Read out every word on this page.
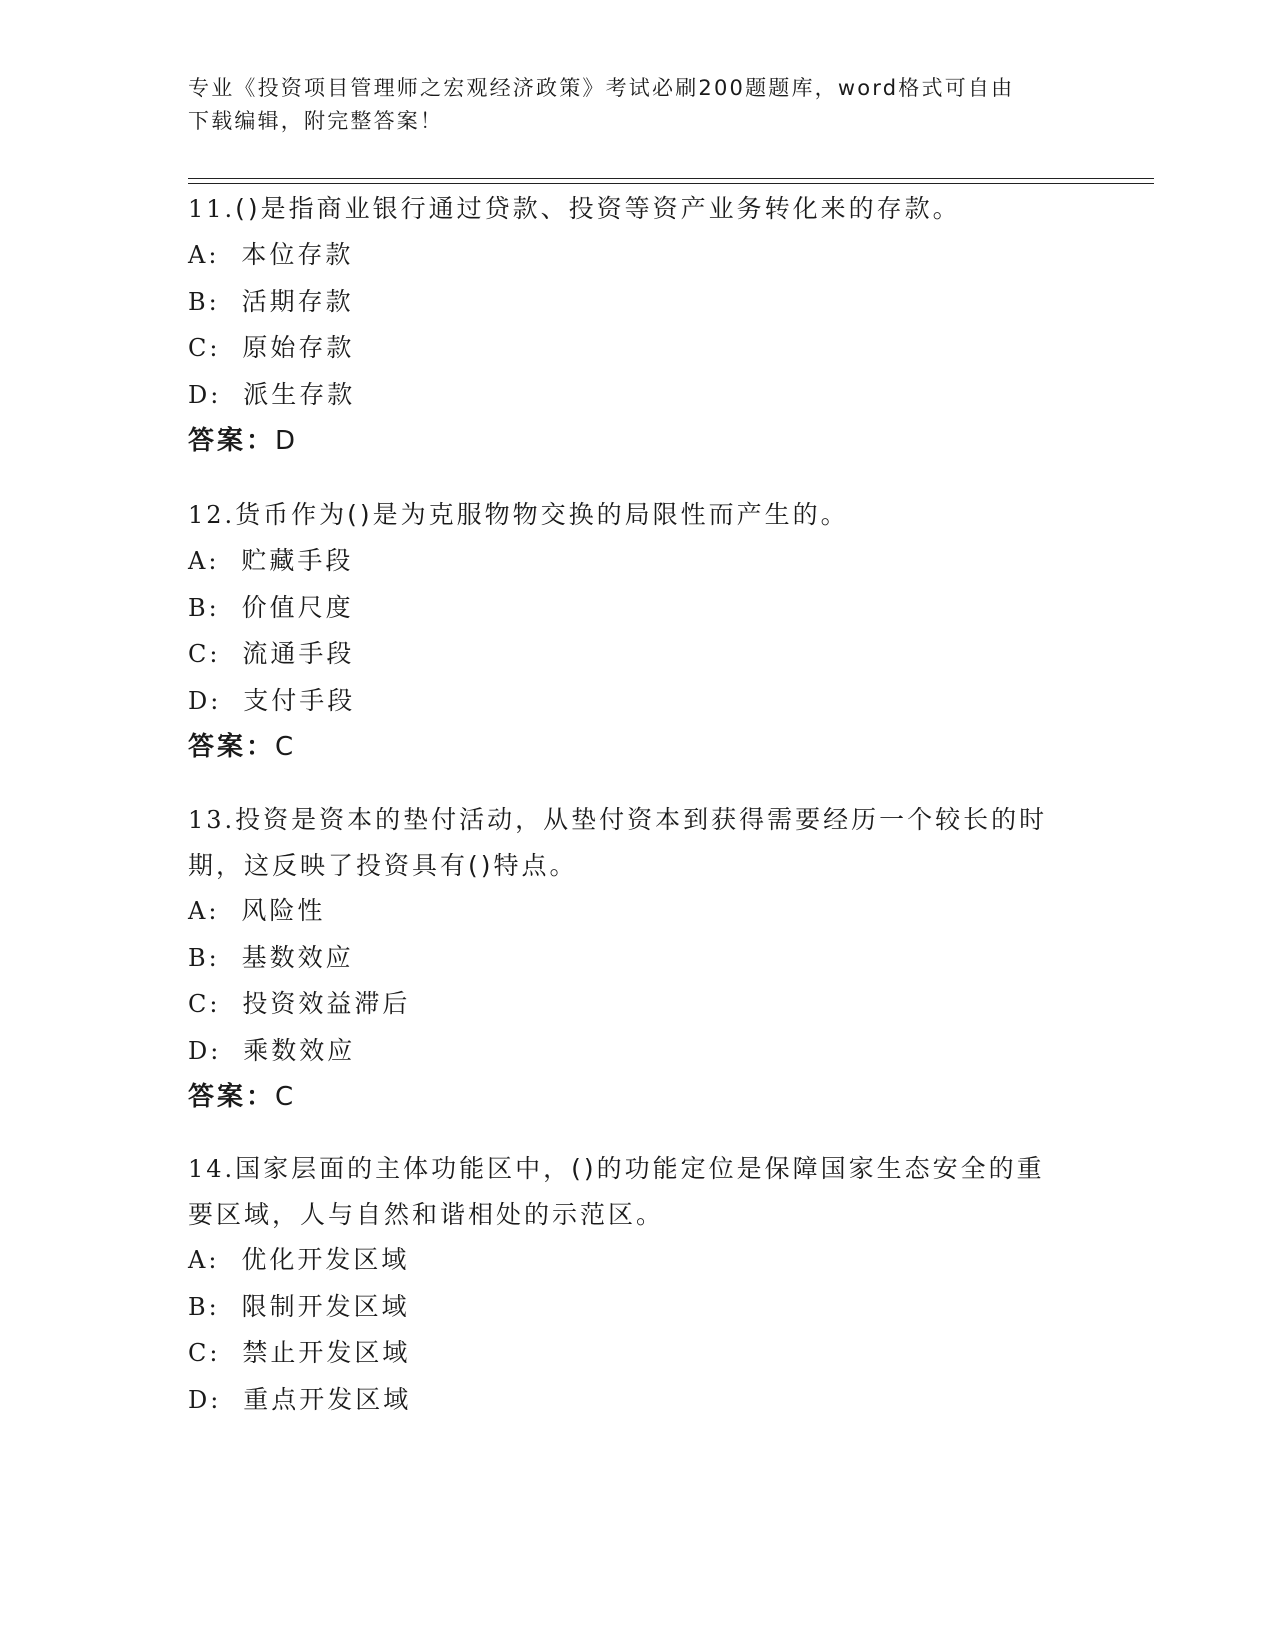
专业《投资项目管理师之宏观经济政策》考试必刷200题题库，word格式可自由
下载编辑，附完整答案！

11.()是指商业银行通过贷款、投资等资产业务转化来的存款。

A: 本位存款

B: 活期存款

C: 原始存款

D: 派生存款

答案：D

12.货币作为()是为克服物物交换的局限性而产生的。

A: 贮藏手段

B: 价值尺度

C: 流通手段

D: 支付手段

答案：C

13.投资是资本的垫付活动，从垫付资本到获得需要经历一个较长的时

期，这反映了投资具有()特点。

A: 风险性

B: 基数效应

C: 投资效益滞后

D: 乘数效应

答案：C

14.国家层面的主体功能区中，()的功能定位是保障国家生态安全的重

要区域，人与自然和谐相处的示范区。

A: 优化开发区域

B: 限制开发区域

C: 禁止开发区域

D: 重点开发区域
